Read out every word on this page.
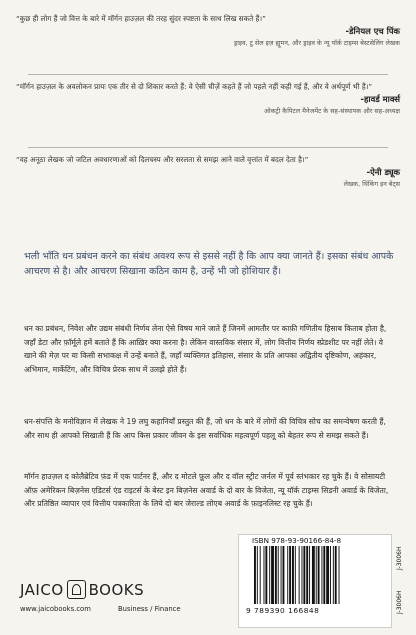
“ कुछ ही लोग हैं जो वित्त के बारे में मॉर्गन हाउज़ल की तरह सुंदर स्पष्टता के साथ लिख सकते हैं। ”
- डेनियल एच पिंक
ड्राइव, टु सेल इज़ ह्यूमन, और ड्राइव के न्यू यॉर्क टाइम्स बेस्टसेलिंग लेखक
“ मॉर्गन हाउज़ल के अवलोकन प्रायः एक तीर से दो शिकार करते हैं: वे ऐसी चीज़ें कहते हैं जो पहले नहीं कही गई हैं, और वे अर्थपूर्ण भी हैं। ”
- हावर्ड मार्क्स
ओकट्री कैपिटल मैनेजमेंट के सह-संस्थापक और सह-अध्यक्ष
“ वह अनूठा लेखक जो जटिल अवधारणाओं को दिलचस्प और सरलता से समझ आने वाले वृत्तांत में बदल देता है। ”
- ऐनी ड्यूक
लेखक, थिंकिंग इन बेट्स
भली भाँति धन प्रबंधन करने का संबंध अवश्य रूप से इससे नहीं है कि आप क्या जानते हैं। इसका संबंध आपके आचरण से है। और आचरण सिखाना कठिन काम है, उन्हें भी जो होशियार हैं।
धन का प्रबंधन, निवेश और उद्यम संबंधी निर्णय लेना ऐसे विषय माने जाते हैं जिनमें आमतौर पर काफ़ी गणितीय हिसाब किताब होता है, जहाँ डेटा और फ़ॉर्मूले हमें बताते हैं कि आख़िर क्या करना है। लेकिन वास्तविक संसार में, लोग वित्तीय निर्णय स्प्रेडशीट पर नहीं लेते। वे खाने की मेज़ पर या किसी सभाकक्ष में उन्हें बनाते हैं, जहाँ व्यक्तिगत इतिहास, संसार के प्रति आपका अद्वितीय दृष्टिकोण, अहंकार, अभिमान, मार्केटिंग, और विचित्र प्रेरक साथ में उलझे होते हैं।
धन-संपत्ति के मनोविज्ञान में लेखक ने 19 लघु कहानियाँ प्रस्तुत की हैं, जो धन के बारे में लोगों की विचित्र सोच का समन्वेषण करती हैं, और साथ ही आपको सिखाती हैं कि आप किस प्रकार जीवन के इस सर्वाधिक महत्वपूर्ण पहलू को बेहतर रूप से समझ सकते हैं।
मॉर्गन हाउज़ल द कोलैब्रेटिव फ़ंड में एक पार्टनर हैं, और द मोटले फ़ूल और द वॉल स्ट्रीट जर्नल में पूर्व स्तंभकार रह चुके हैं। वे सोसायटी ऑफ़ अमेरिकन बिज़नेस एडिटर्स एंड राइटर्स के बेस्ट इन बिज़नेस अवार्ड के दो बार के विजेता, न्यू यॉर्क टाइम्स सिडनी अवार्ड के विजेता, और प्रतिष्ठित व्यापार एवं वित्तीय पत्रकारिता के लिये दो बार जेराल्ड लोएब अवार्ड के फ़ाइनलिस्ट रह चुके हैं।
JAICO BOOKS
www.jaicobooks.com	Business / Finance
ISBN 978-93-90166-84-8
9 789390 166848
J-3006H
J-3006H
